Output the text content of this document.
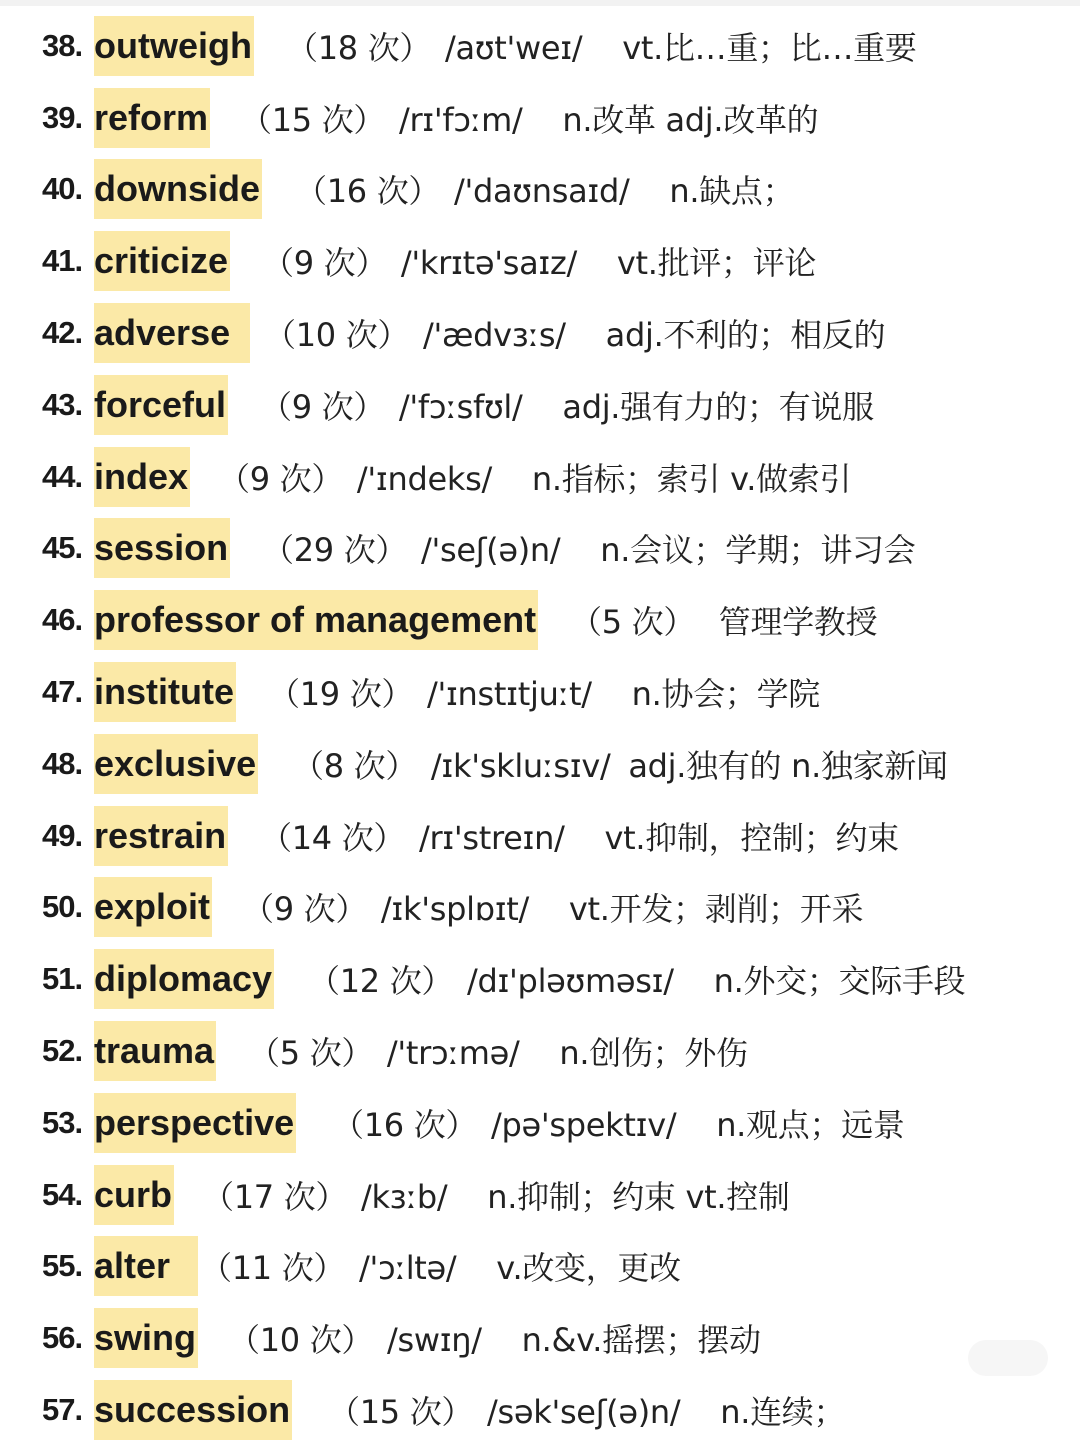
38. outweigh （18 次） /aʊt'weɪ/ vt.比…重；比…重要
39. reform （15 次） /rɪ'fɔːm/ n.改革 adj.改革的
40. downside （16 次） /'daʊnsaɪd/ n.缺点；
41. criticize （9 次） /'krɪtə'saɪz/ vt.批评；评论
42. adverse	（10 次） /'ædvɜːs/ adj.不利的；相反的
43. forceful （9 次） /'fɔːsfʊl/ adj.强有力的；有说服
44. index （9 次） /'ɪndeks/ n.指标；索引 v.做索引
45. session （29 次） /'seʃ(ə)n/ n.会议；学期；讲习会
46. professor of management （5 次） 管理学教授
47. institute （19 次） /'ɪnstɪtjuːt/ n.协会；学院
48. exclusive （8 次） /ɪk'skluːsɪv/ adj.独有的 n.独家新闻
49. restrain （14 次） /rɪ'streɪn/ vt.抑制，控制；约束
50. exploit （9 次） /ɪk'splɒɪt/ vt.开发；剥削；开采
51. diplomacy （12 次） /dɪ'pləʊməsɪ/ n.外交；交际手段
52. trauma （5 次） /'trɔːmə/ n.创伤；外伤
53. perspective （16 次） /pə'spektɪv/ n.观点；远景
54. curb （17 次） /kɜːb/ n.抑制；约束 vt.控制
55. alter （11 次） /'ɔːltə/ v.改变，更改
56. swing （10 次） /swɪŋ/ n.&v.摇摆；摆动
57. succession （15 次） /sək'seʃ(ə)n/ n.连续；
